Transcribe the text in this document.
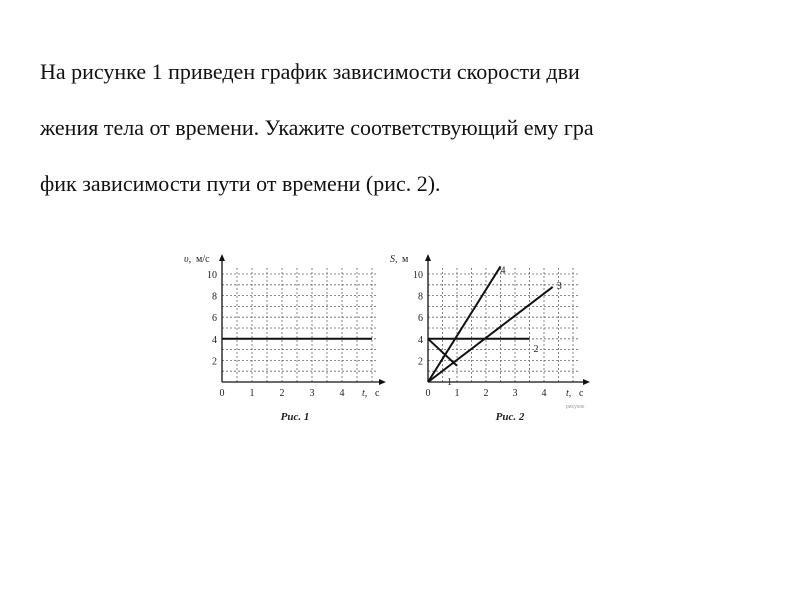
На рисунке 1 приведен график зависимости скорости дви
жения тела от времени. Укажите соответствующий ему гра
фик зависимости пути от времени (рис. 2).
0	1	2	3	4
2
4
6
8
10
υ, м/с
t, с
Рис. 1
0 1 2 3 4
2
4
6
8
10
S, м
t, с
1
2
3
4
Рис. 2
рисунок
